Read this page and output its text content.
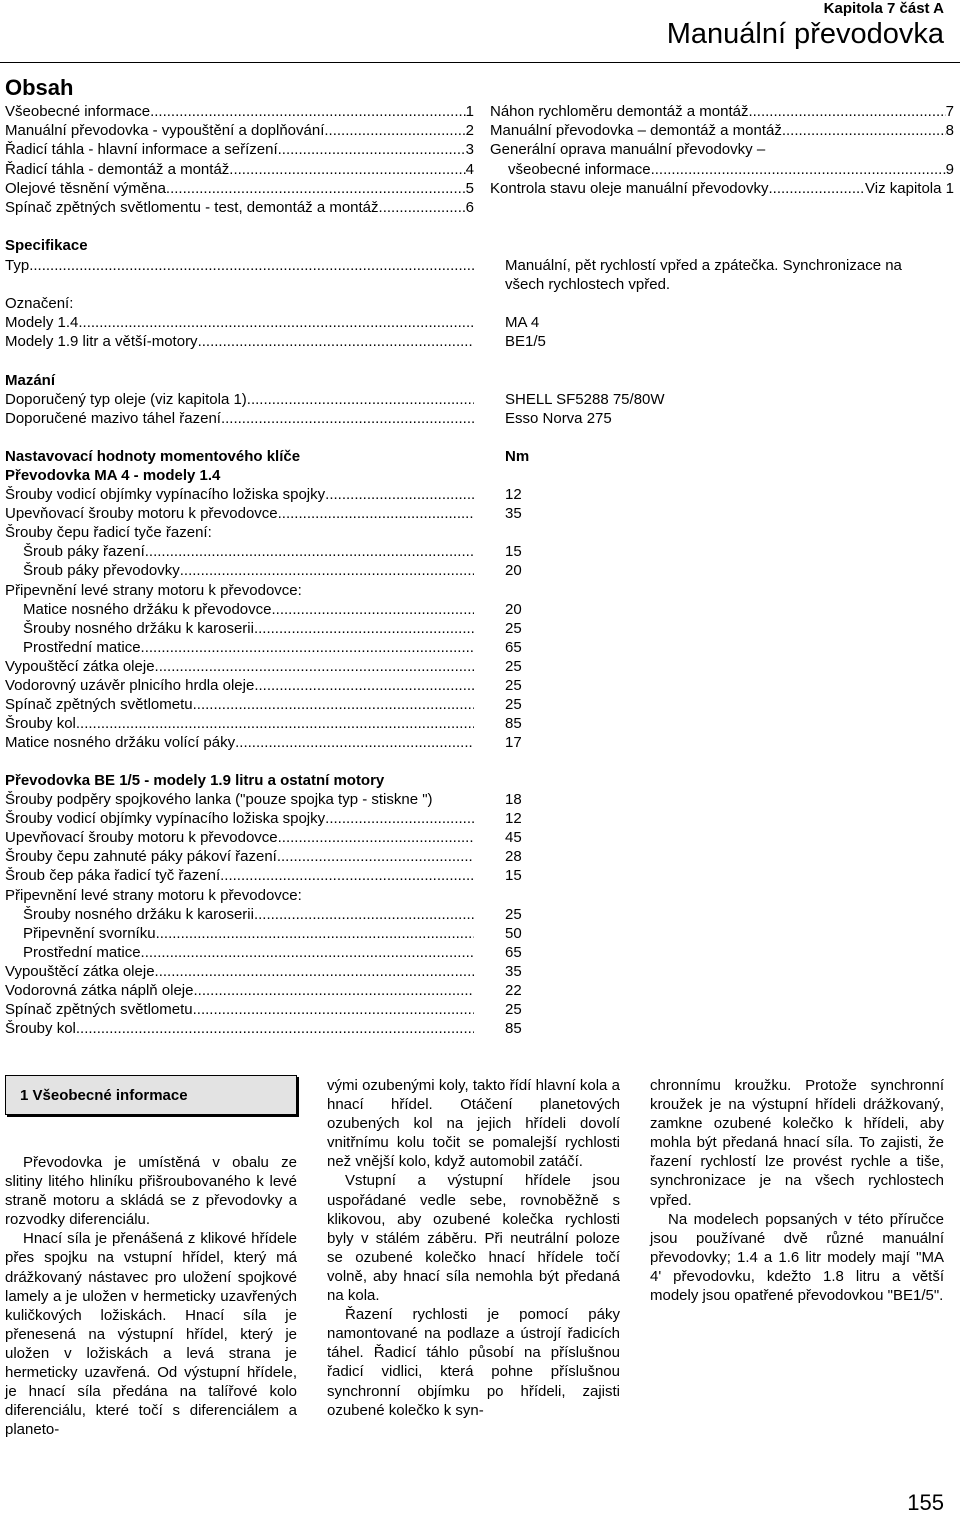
Kapitola 7 část A
Manuální převodovka
Obsah
Všeobecné informace .....	1
Manuální převodovka - vypouštění a doplňování .....	2
Řadicí táhla - hlavní informace a seřízení .....	3
Řadicí táhla - demontáž a montáž .....	4
Olejové těsnění výměna .....	5
Spínač zpětných světlomentu - test, demontáž a montáž .....	6
Náhon rychloměru demontáž a montáž .....	7
Manuální převodovka – demontáž a montáž .....	8
Generální oprava manuální převodovky –
všeobecné informace .....	9
Kontrola stavu oleje manuální převodovky .....	Viz kapitola 1
Specifikace
Typ .....	Manuální, pět rychlostí vpřed a zpátečka. Synchronizace na
všech rychlostech vpřed.
Označení:
Modely 1.4 .....	MA 4
Modely 1.9 litr a větší-motory .....	BE1/5
Mazání
Doporučený typ oleje (viz kapitola 1) .....	SHELL SF5288 75/80W
Doporučené mazivo táhel řazení .....	Esso Norva 275
Nastavovací hodnoty momentového klíče	Nm
Převodovka MA 4 - modely 1.4
Šrouby vodicí objímky vypínacího ložiska spojky .....	12
Upevňovací šrouby motoru k převodovce .....	35
Šrouby čepu řadicí tyče řazení:
Šroub páky řazení .....	15
Šroub páky převodovky .....	20
Připevnění levé strany motoru k převodovce:
Matice nosného držáku k převodovce .....	20
Šrouby nosného držáku k karoserii .....	25
Prostřední matice .....	65
Vypouštěcí zátka oleje .....	25
Vodorovný uzávěr plnicího hrdla oleje .....	25
Spínač zpětných světlometu .....	25
Šrouby kol .....	85
Matice nosného držáku volící páky .....	17
Převodovka BE 1/5 - modely 1.9 litru a ostatní motory
Šrouby podpěry spojkového lanka ("pouze spojka typ - stiskne ")	18
Šrouby vodicí objímky vypínacího ložiska spojky .....	12
Upevňovací šrouby motoru k převodovce .....	45
Šrouby čepu zahnuté páky pákoví řazení .....	28
Šroub čep páka řadicí tyč řazení .....	15
Připevnění levé strany motoru k převodovce:
Šrouby nosného držáku k karoserii .....	25
Připevnění svorníku .....	50
Prostřední matice .....	65
Vypouštěcí zátka oleje .....	35
Vodorovná zátka náplň oleje .....	22
Spínač zpětných světlometu .....	25
Šrouby kol .....	85
1 Všeobecné informace

Převodovka je umístěná v obalu ze slitiny litého hliníku přišroubovaného k levé straně motoru a skládá se z převodovky a rozvodky diferenciálu.

Hnací síla je přenášená z klikové hřídele přes spojku na vstupní hřídel, který má drážkovaný nástavec pro uložení spojkové lamely a je uložen v hermeticky uzavřených kuličkových ložiskách. Hnací síla je přenesená na výstupní hřídel, který je uložen v ložiskách a levá strana je hermeticky uzavřená. Od výstupní hřídele, je hnací síla předána na talířové kolo diferenciálu, které točí s diferenciálem a planeto-

vými ozubenými koly, takto řídí hlavní kola a hnací hřídel. Otáčení planetových ozubených kol na jejich hřídeli dovolí vnitřnímu kolu točit se pomalejší rychlosti než vnější kolo, když automobil zatáčí.

Vstupní a výstupní hřídele jsou uspořádané vedle sebe, rovnoběžně s klikovou, aby ozubené kolečka rychlosti byly v stálém záběru. Při neutrální poloze se ozubené kolečko hnací hřídele točí volně, aby hnací síla nemohla být předaná na kola.

Řazení rychlosti je pomocí páky namontované na podlaze a ústrojí řadicích táhel. Řadicí táhlo působí na příslušnou řadicí vidlici, která pohne příslušnou synchronní objímku po hřídeli, zajisti ozubené kolečko k syn-

chronnímu kroužku. Protože synchronní kroužek je na výstupní hřídeli drážkovaný, zamkne ozubené kolečko k hřídeli, aby mohla být předaná hnací síla. To zajisti, že řazení rychlostí lze provést rychle a tiše, synchronizace je na všech rychlostech vpřed.

Na modelech popsaných v této příručce jsou používané dvě různé manuální převodovky; 1.4 a 1.6 litr modely mají "MA 4' převodovku, kdežto 1.8 litru a větší modely jsou opatřené převodovkou "BE1/5".

155
